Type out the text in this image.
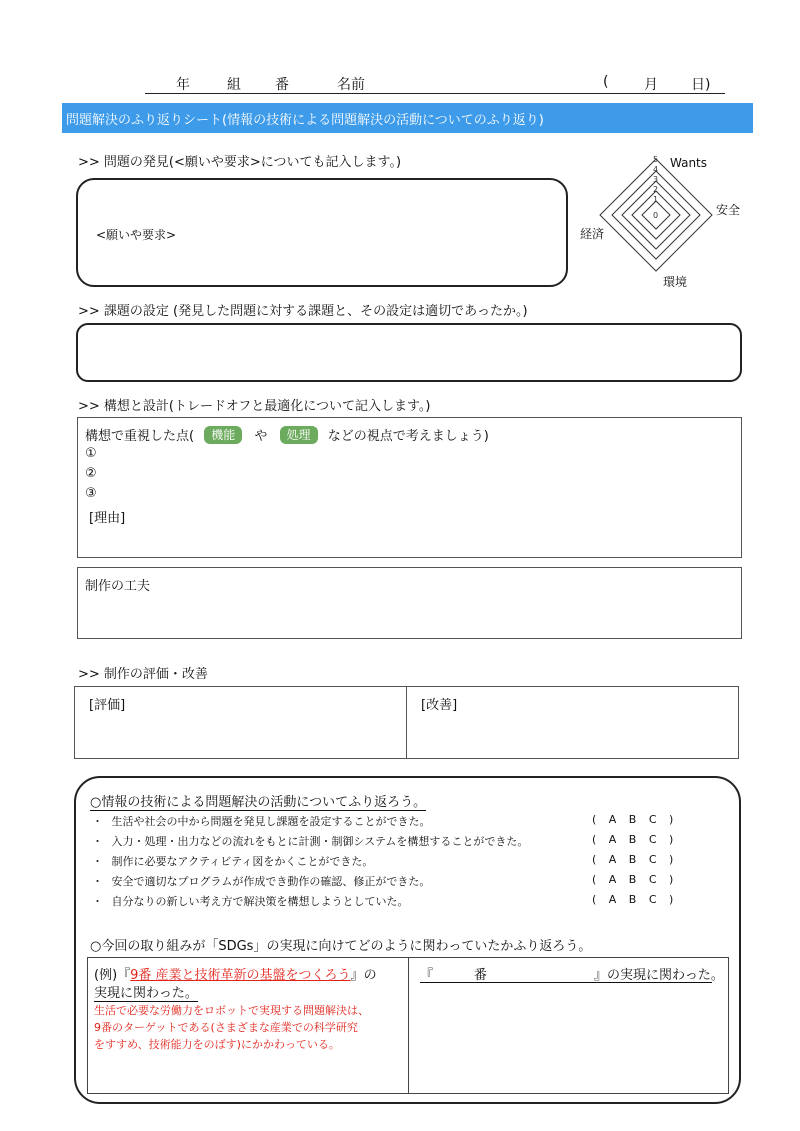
年	組 番	名前	(	月 日)
問題解決のふり返りシート(情報の技術による問題解決の活動についてのふり返り)
>> 問題の発見(<願いや要求>についても記入します。)
<願いや要求>
5
4
3
2
1
0
Wants
安全
環境
経済
>> 課題の設定 (発見した問題に対する課題と、その設定は適切であったか。)
>> 構想と設計(トレードオフと最適化について記入します。)
構想で重視した点( 機能 や 処理 などの視点で考えましょう)
①
②
③
[理由]
制作の工夫
>> 制作の評価・改善
[評価]	[改善]
○情報の技術による問題解決の活動についてふり返ろう。
・ 生活や社会の中から問題を発見し課題を設定することができた。	( A B C )
・ 入力・処理・出力などの流れをもとに計測・制御システムを構想することができた。	( A B C )
・ 制作に必要なアクティビティ図をかくことができた。	( A B C )
・ 安全で適切なプログラムが作成でき動作の確認、修正ができた。	( A B C )
・ 自分なりの新しい考え方で解決策を構想しようとしていた。	( A B C )
○今回の取り組みが「SDGs」の実現に向けてどのように関わっていたかふり返ろう。
(例)『9番 産業と技術革新の基盤をつくろう』の
実現に関わった。
生活で必要な労働力をロボットで実現する問題解決は、
9番のターゲットである(さまざまな産業での科学研究
をすすめ、技術能力をのばす)にかかわっている。
『	番	』の実現に関わった。
